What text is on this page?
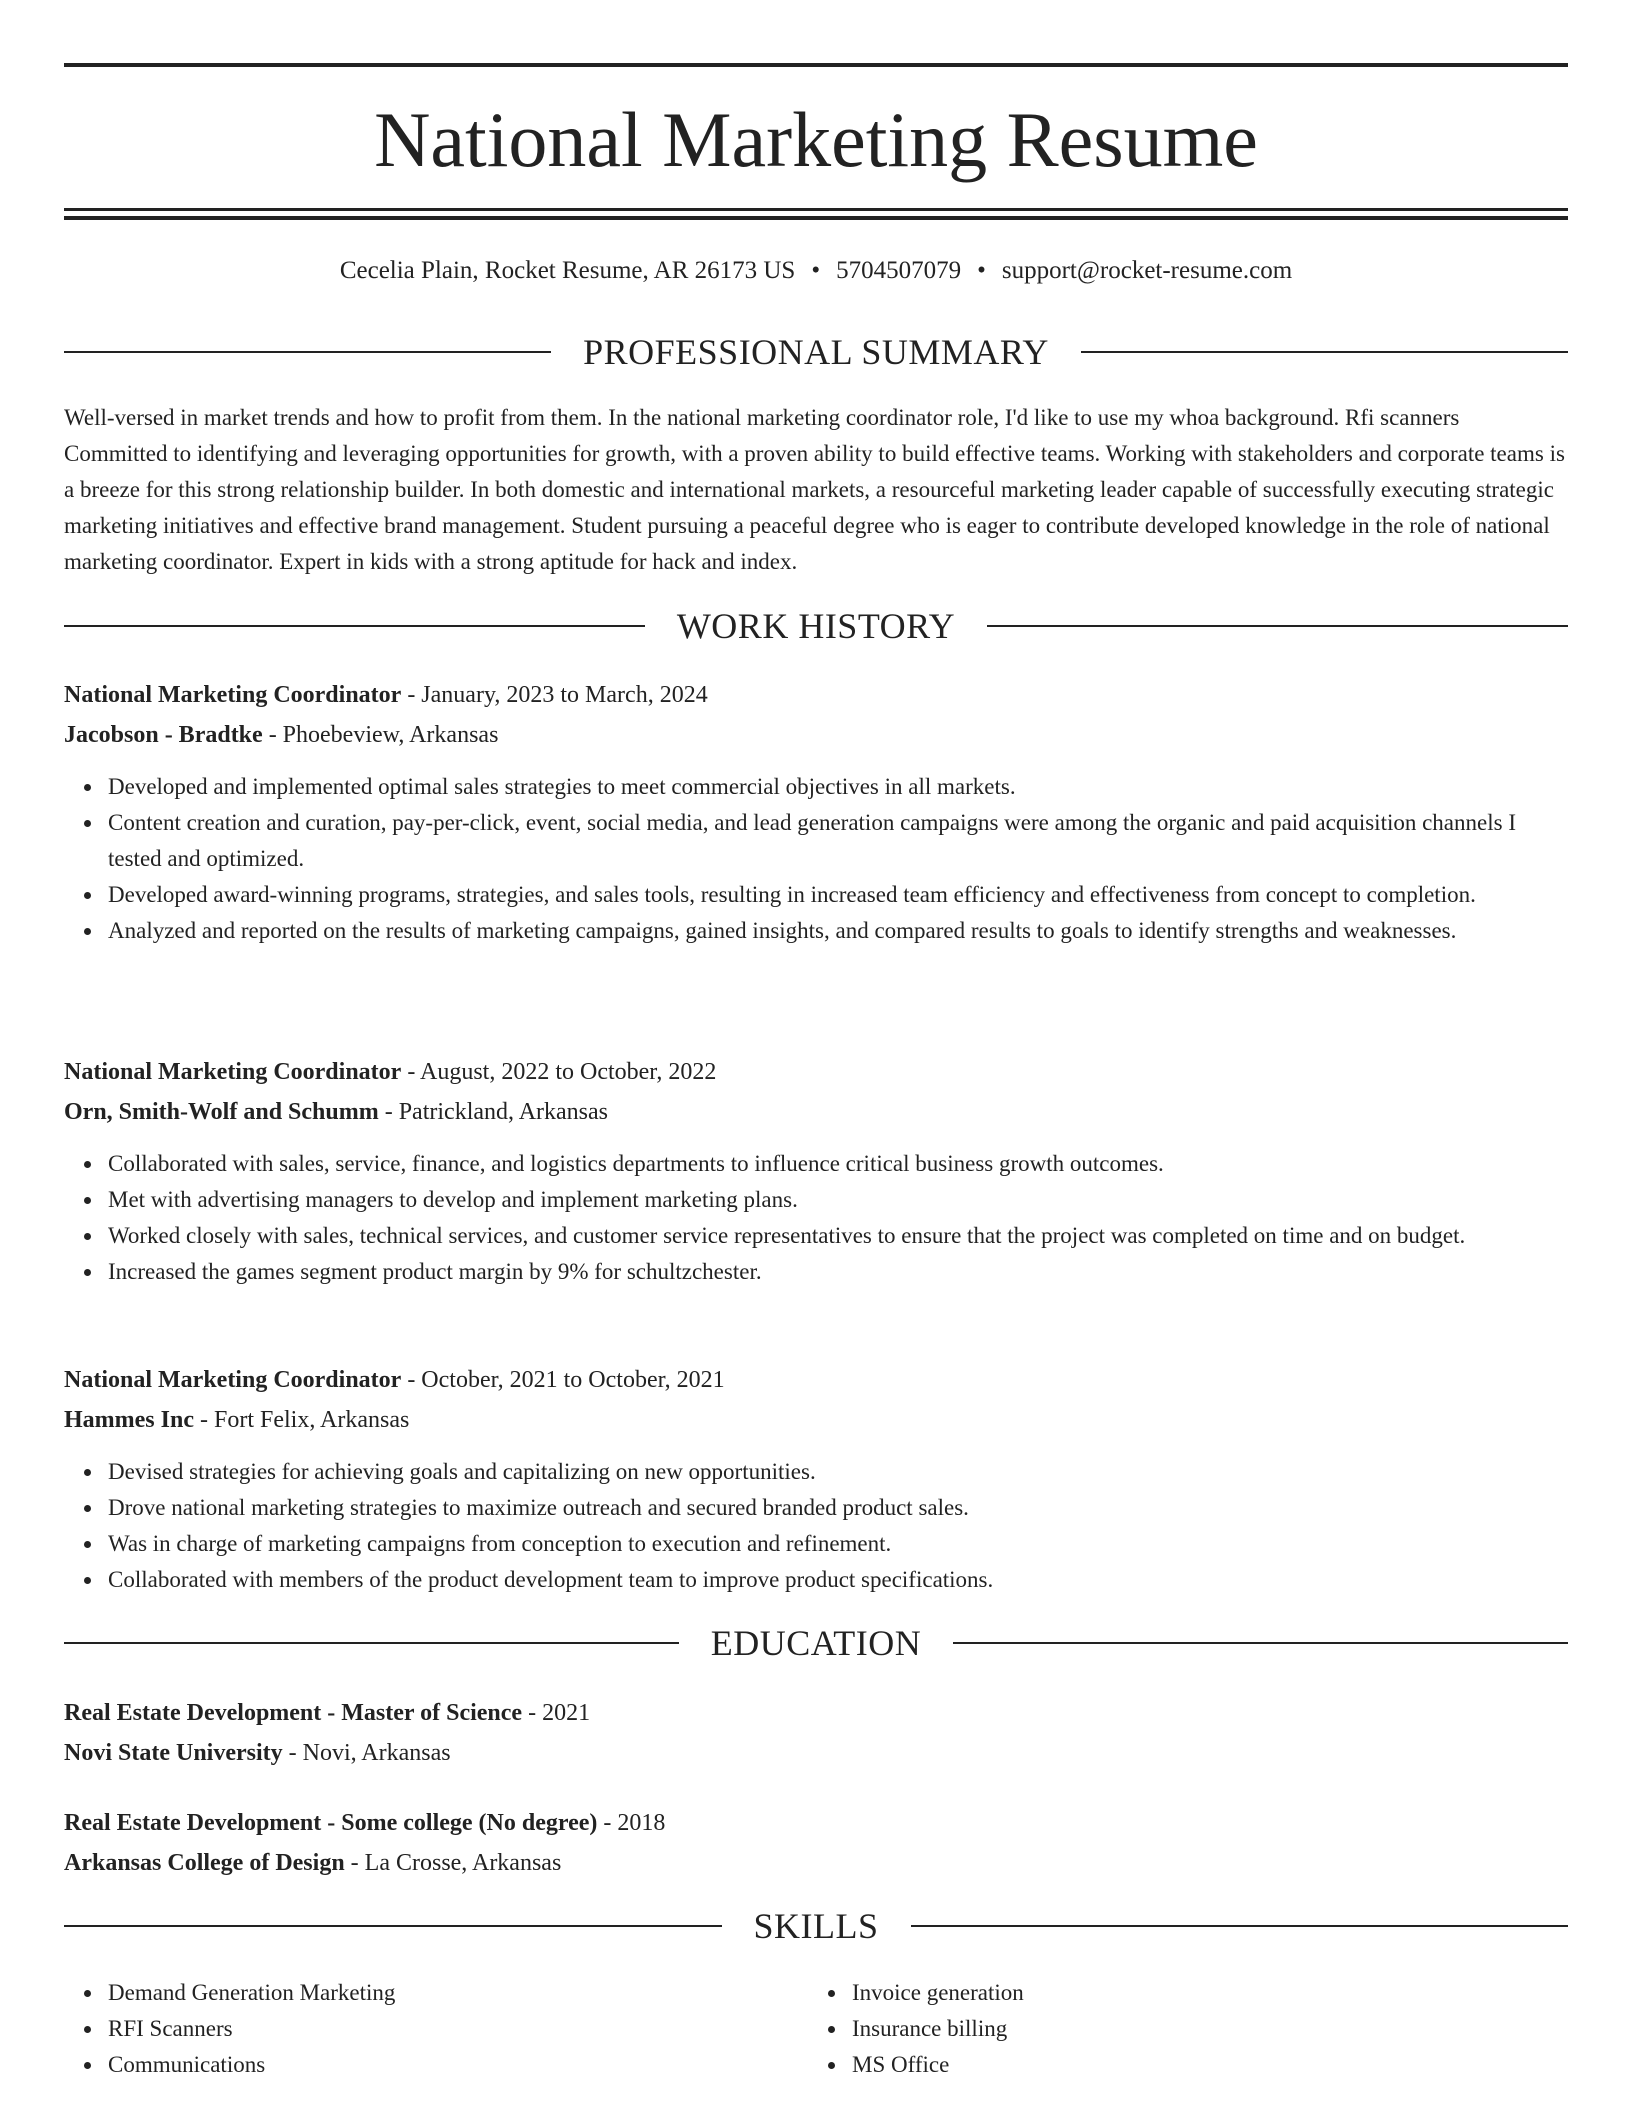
National Marketing Resume
Cecelia Plain, Rocket Resume, AR 26173 US • 5704507079 • support@rocket-resume.com
PROFESSIONAL SUMMARY

Well-versed in market trends and how to profit from them. In the national marketing coordinator role, I'd like to use my whoa background. Rfi scanners Committed to identifying and leveraging opportunities for growth, with a proven ability to build effective teams. Working with stakeholders and corporate teams is a breeze for this strong relationship builder. In both domestic and international markets, a resourceful marketing leader capable of successfully executing strategic marketing initiatives and effective brand management. Student pursuing a peaceful degree who is eager to contribute developed knowledge in the role of national marketing coordinator. Expert in kids with a strong aptitude for hack and index.

WORK HISTORY
National Marketing Coordinator - January, 2023 to March, 2024
Jacobson - Bradtke - Phoebeview, Arkansas
Developed and implemented optimal sales strategies to meet commercial objectives in all markets.
Content creation and curation, pay-per-click, event, social media, and lead generation campaigns were among the organic and paid acquisition channels I tested and optimized.
Developed award-winning programs, strategies, and sales tools, resulting in increased team efficiency and effectiveness from concept to completion.
Analyzed and reported on the results of marketing campaigns, gained insights, and compared results to goals to identify strengths and weaknesses.
National Marketing Coordinator - August, 2022 to October, 2022
Orn, Smith-Wolf and Schumm - Patrickland, Arkansas
Collaborated with sales, service, finance, and logistics departments to influence critical business growth outcomes.
Met with advertising managers to develop and implement marketing plans.
Worked closely with sales, technical services, and customer service representatives to ensure that the project was completed on time and on budget.
Increased the games segment product margin by 9% for schultzchester.
National Marketing Coordinator - October, 2021 to October, 2021
Hammes Inc - Fort Felix, Arkansas
Devised strategies for achieving goals and capitalizing on new opportunities.
Drove national marketing strategies to maximize outreach and secured branded product sales.
Was in charge of marketing campaigns from conception to execution and refinement.
Collaborated with members of the product development team to improve product specifications.
EDUCATION
Real Estate Development - Master of Science - 2021
Novi State University - Novi, Arkansas
Real Estate Development - Some college (No degree) - 2018
Arkansas College of Design - La Crosse, Arkansas
SKILLS
Demand Generation Marketing
RFI Scanners
Communications
Invoice generation
Insurance billing
MS Office
